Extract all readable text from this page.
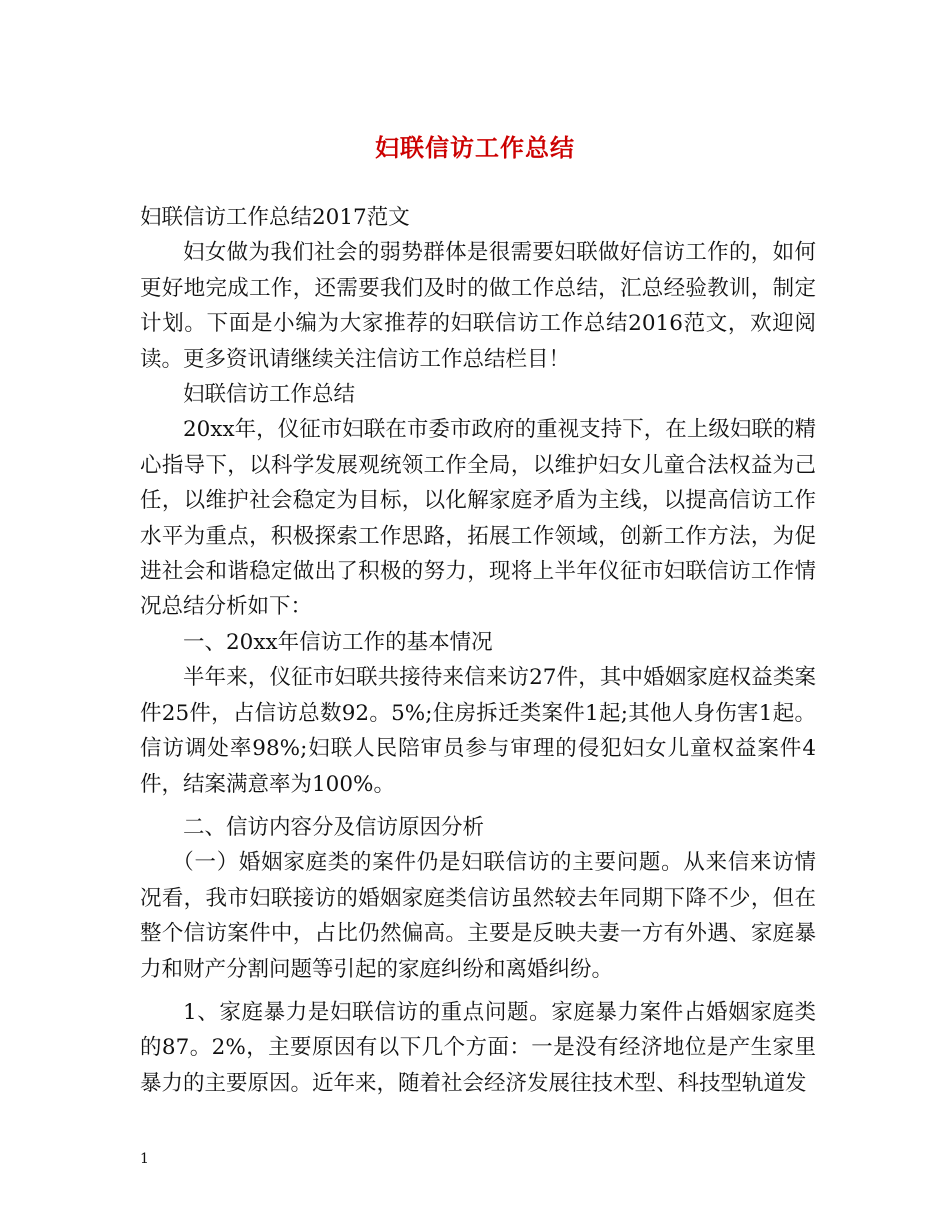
妇联信访工作总结

妇联信访工作总结2017范文

妇女做为我们社会的弱势群体是很需要妇联做好信访工作的，如何更好地完成工作，还需要我们及时的做工作总结，汇总经验教训，制定计划。下面是小编为大家推荐的妇联信访工作总结2016范文，欢迎阅读。更多资讯请继续关注信访工作总结栏目！

妇联信访工作总结

20xx年，仪征市妇联在市委市政府的重视支持下，在上级妇联的精心指导下，以科学发展观统领工作全局，以维护妇女儿童合法权益为己任，以维护社会稳定为目标，以化解家庭矛盾为主线，以提高信访工作水平为重点，积极探索工作思路，拓展工作领域，创新工作方法，为促进社会和谐稳定做出了积极的努力，现将上半年仪征市妇联信访工作情况总结分析如下：

一、20xx年信访工作的基本情况

半年来，仪征市妇联共接待来信来访27件，其中婚姻家庭权益类案件25件，占信访总数92。5%;住房拆迁类案件1起;其他人身伤害1起。信访调处率98%;妇联人民陪审员参与审理的侵犯妇女儿童权益案件4件，结案满意率为100%。

二、信访内容分及信访原因分析

（一）婚姻家庭类的案件仍是妇联信访的主要问题。从来信来访情况看，我市妇联接访的婚姻家庭类信访虽然较去年同期下降不少，但在整个信访案件中，占比仍然偏高。主要是反映夫妻一方有外遇、家庭暴力和财产分割问题等引起的家庭纠纷和离婚纠纷。

1、家庭暴力是妇联信访的重点问题。家庭暴力案件占婚姻家庭类的87。2%，主要原因有以下几个方面：一是没有经济地位是产生家里暴力的主要原因。近年来，随着社会经济发展往技术型、科技型轨道发

1
